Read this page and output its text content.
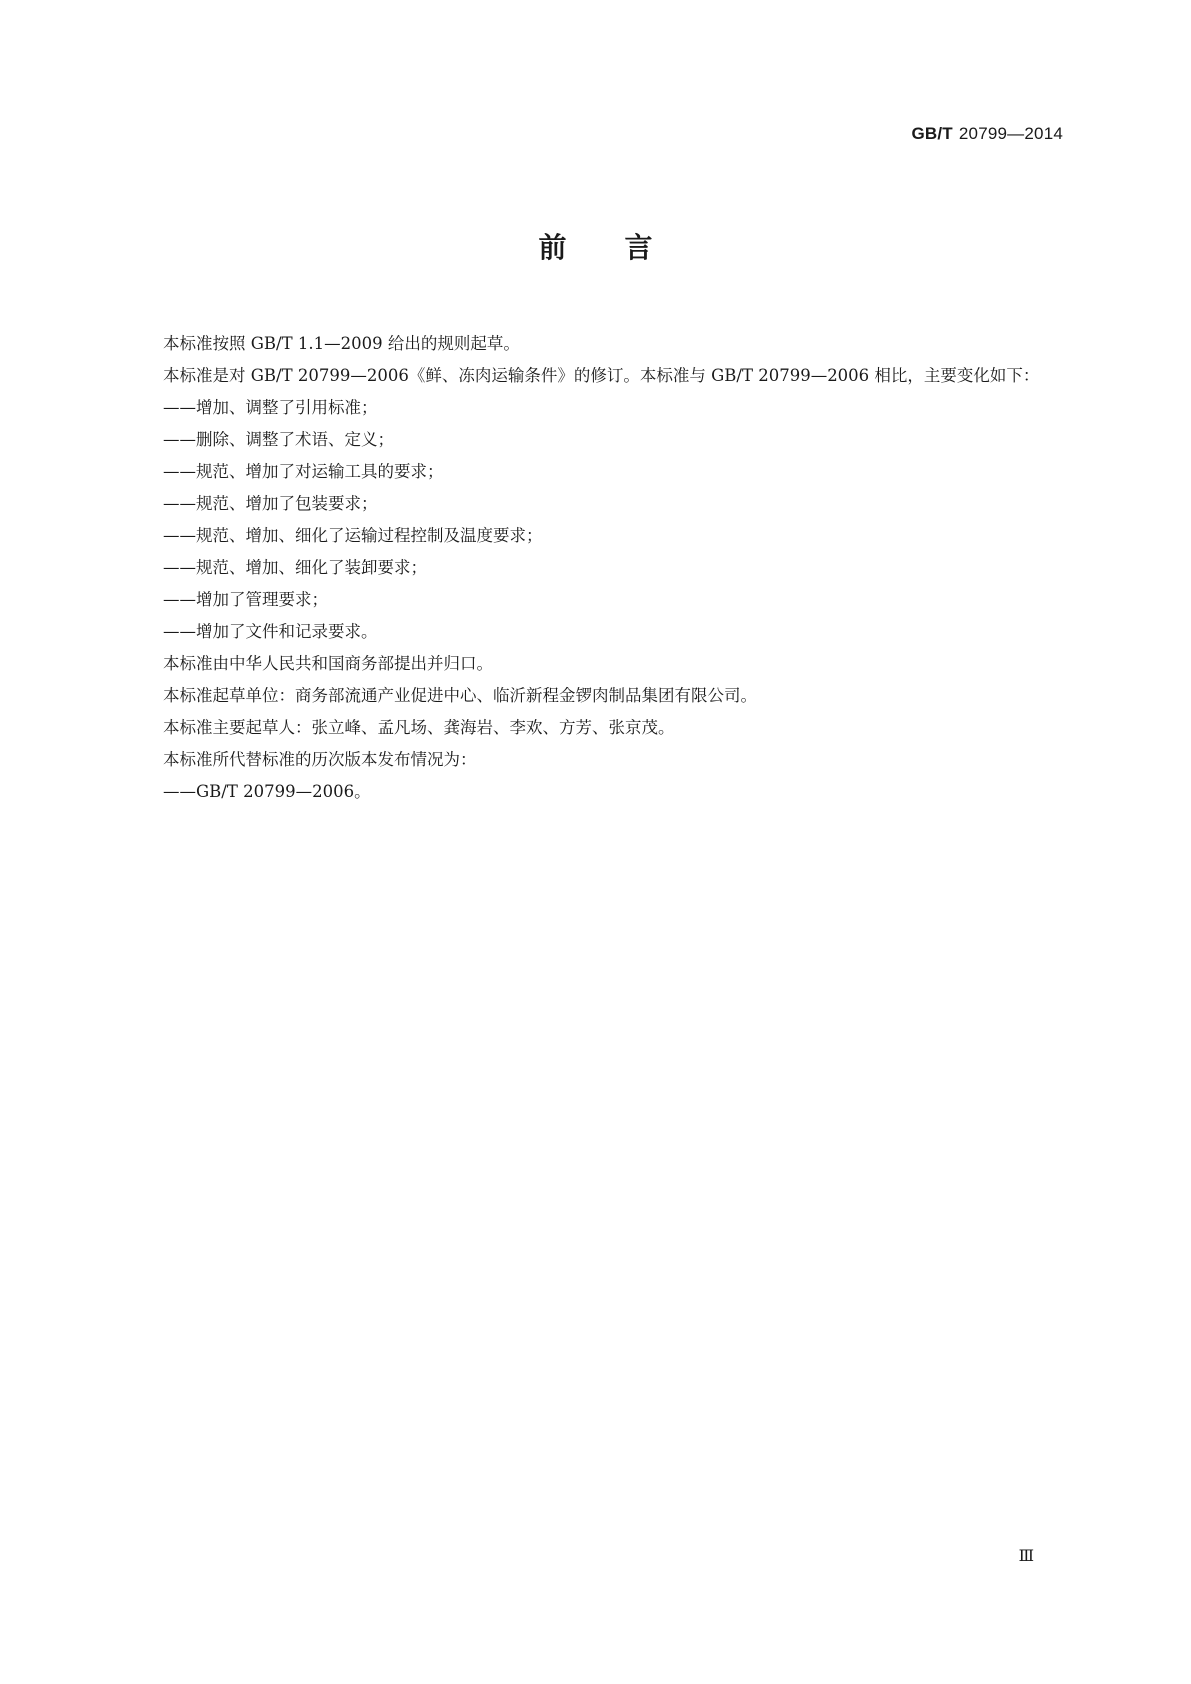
GB/T 20799—2014
前言

本标准按照 GB/T 1.1—2009 给出的规则起草。

本标准是对 GB/T 20799—2006《鲜、冻肉运输条件》的修订。本标准与 GB/T 20799—2006 相比，主要变化如下：

——增加、调整了引用标准；

——删除、调整了术语、定义；

——规范、增加了对运输工具的要求；

——规范、增加了包装要求；

——规范、增加、细化了运输过程控制及温度要求；

——规范、增加、细化了装卸要求；

——增加了管理要求；

——增加了文件和记录要求。

本标准由中华人民共和国商务部提出并归口。

本标准起草单位：商务部流通产业促进中心、临沂新程金锣肉制品集团有限公司。

本标准主要起草人：张立峰、孟凡场、龚海岩、李欢、方芳、张京茂。

本标准所代替标准的历次版本发布情况为：

——GB/T 20799—2006。

Ⅲ
